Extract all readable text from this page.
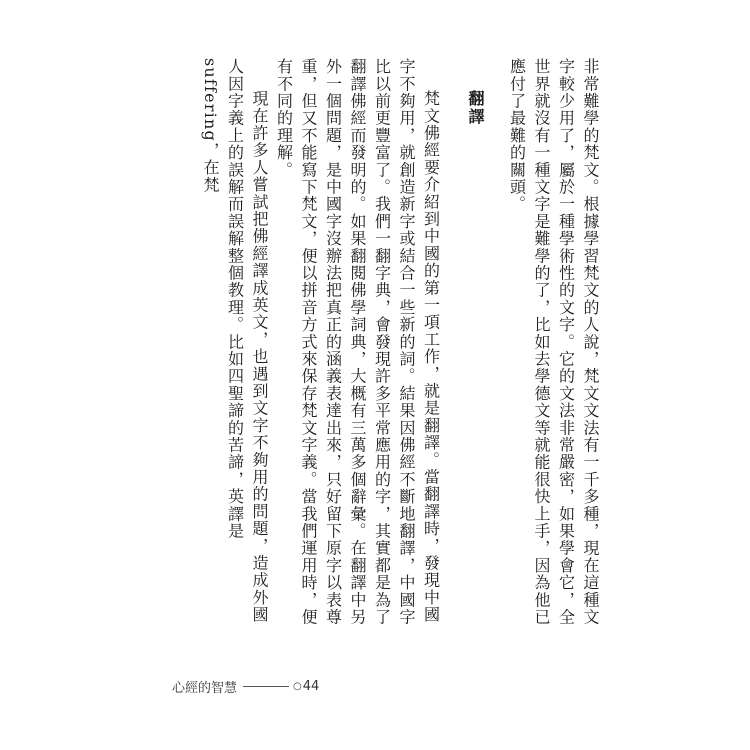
非常難學的梵文。根據學習梵文的人說，梵文文法有一千多種，現在這種文字較少用了，屬於一種學術性的文字。它的文法非常嚴密，如果學會它，全世界就沒有一種文字是難學的了，比如去學德文等就能很快上手，因為他已應付了最難的關頭。

翻譯

梵文佛經要介紹到中國的第一項工作，就是翻譯。當翻譯時，發現中國字不夠用，就創造新字或結合一些新的詞。結果因佛經不斷地翻譯，中國字比以前更豐富了。我們一翻字典，會發現許多平常應用的字，其實都是為了翻譯佛經而發明的。如果翻閱佛學詞典，大概有三萬多個辭彙。在翻譯中另外一個問題，是中國字沒辦法把真正的涵義表達出來，只好留下原字以表尊重，但又不能寫下梵文，便以拼音方式來保存梵文字義。當我們運用時，便有不同的理解。

現在許多人嘗試把佛經譯成英文，也遇到文字不夠用的問題，造成外國人因字義上的誤解而誤解整個教理。比如四聖諦的苦諦，英譯是 suffering，在梵

心經的智慧	○ 44
